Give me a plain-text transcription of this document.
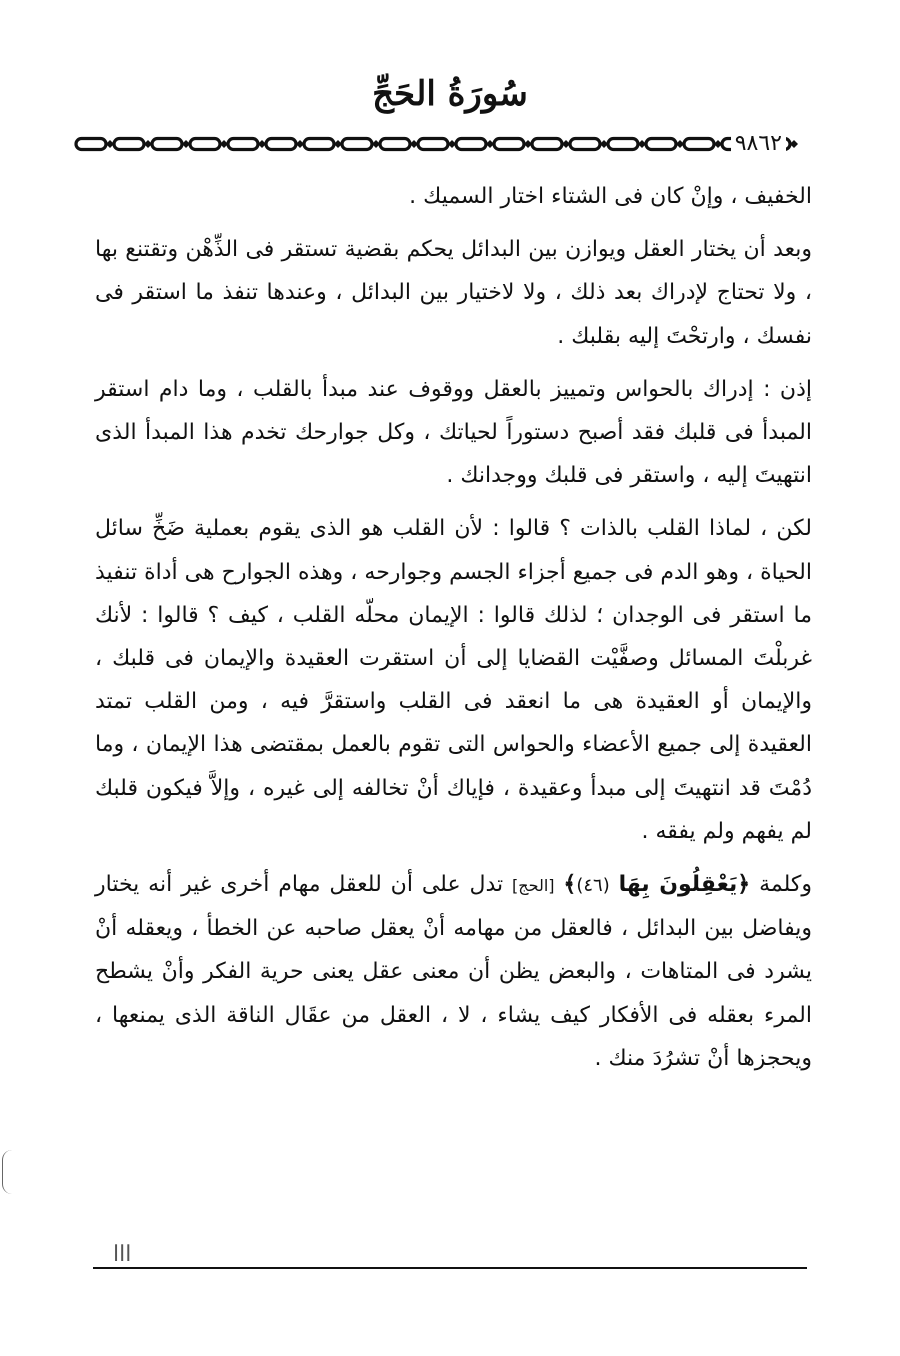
سُورَةُ الحَجِّ
٩٨٦٢

الخفيف ، وإنْ كان فى الشتاء اختار السميك .

وبعد أن يختار العقل ويوازن بين البدائل يحكم بقضية تستقر فى الذِّهْن وتقتنع بها ، ولا تحتاج لإدراك بعد ذلك ، ولا لاختيار بين البدائل ، وعندها تنفذ ما استقر فى نفسك ، وارتحْتَ إليه بقلبك .

إذن : إدراك بالحواس وتمييز بالعقل ووقوف عند مبدأ بالقلب ، وما دام استقر المبدأ فى قلبك فقد أصبح دستوراً لحياتك ، وكل جوارحك تخدم هذا المبدأ الذى انتهيتَ إليه ، واستقر فى قلبك ووجدانك .

لكن ، لماذا القلب بالذات ؟ قالوا : لأن القلب هو الذى يقوم بعملية ضَخِّ سائل الحياة ، وهو الدم فى جميع أجزاء الجسم وجوارحه ، وهذه الجوارح هى أداة تنفيذ ما استقر فى الوجدان ؛ لذلك قالوا : الإيمان محلّه القلب ، كيف ؟ قالوا : لأنك غربلْتَ المسائل وصفَّيْت القضايا إلى أن استقرت العقيدة والإيمان فى قلبك ، والإيمان أو العقيدة هى ما انعقد فى القلب واستقرَّ فيه ، ومن القلب تمتد العقيدة إلى جميع الأعضاء والحواس التى تقوم بالعمل بمقتضى هذا الإيمان ، وما دُمْتَ قد انتهيتَ إلى مبدأ وعقيدة ، فإياك أنْ تخالفه إلى غيره ، وإلاَّ فيكون قلبك لم يفهم ولم يفقه .

وكلمة ﴿يَعْقِلُونَ بِهَا (٤٦)﴾ [الحج] تدل على أن للعقل مهام أخرى غير أنه يختار ويفاضل بين البدائل ، فالعقل من مهامه أنْ يعقل صاحبه عن الخطأ ، ويعقله أنْ يشرد فى المتاهات ، والبعض يظن أن معنى عقل يعنى حرية الفكر وأنْ يشطح المرء بعقله فى الأفكار كيف يشاء ، لا ، العقل من عقَال الناقة الذى يمنعها ، ويحجزها أنْ تشرُدَ منك .

ااا
